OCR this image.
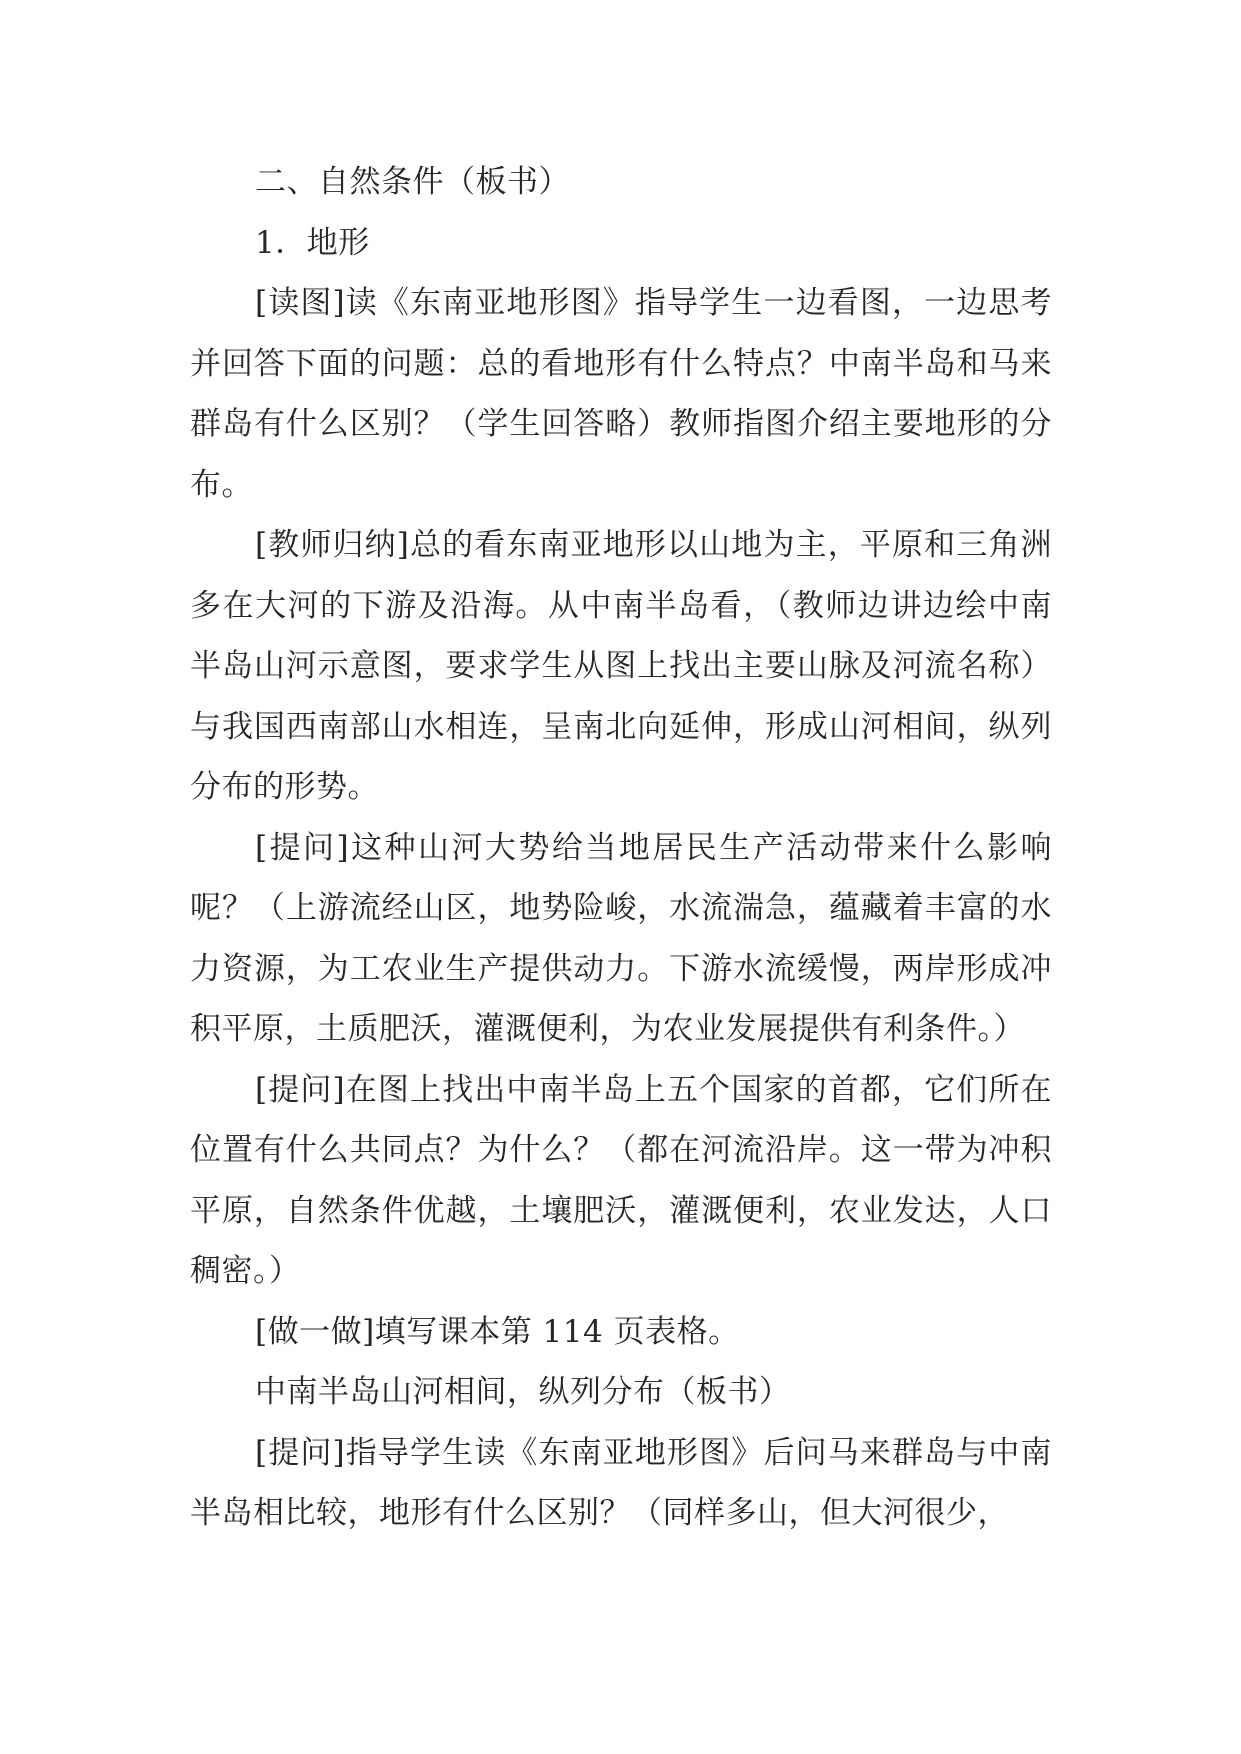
二、自然条件（板书）

1．地形

[读图]读《东南亚地形图》指导学生一边看图，一边思考并回答下面的问题：总的看地形有什么特点？中南半岛和马来群岛有什么区别？（学生回答略）教师指图介绍主要地形的分布。

[教师归纳]总的看东南亚地形以山地为主，平原和三角洲多在大河的下游及沿海。从中南半岛看，（教师边讲边绘中南半岛山河示意图，要求学生从图上找出主要山脉及河流名称）与我国西南部山水相连，呈南北向延伸，形成山河相间，纵列分布的形势。

[提问]这种山河大势给当地居民生产活动带来什么影响呢？（上游流经山区，地势险峻，水流湍急，蕴藏着丰富的水力资源，为工农业生产提供动力。下游水流缓慢，两岸形成冲积平原，土质肥沃，灌溉便利，为农业发展提供有利条件。）

[提问]在图上找出中南半岛上五个国家的首都，它们所在位置有什么共同点？为什么？（都在河流沿岸。这一带为冲积平原，自然条件优越，土壤肥沃，灌溉便利，农业发达，人口稠密。）

[做一做]填写课本第 114 页表格。

中南半岛山河相间，纵列分布（板书）

[提问]指导学生读《东南亚地形图》后问马来群岛与中南半岛相比较，地形有什么区别？（同样多山，但大河很少，
